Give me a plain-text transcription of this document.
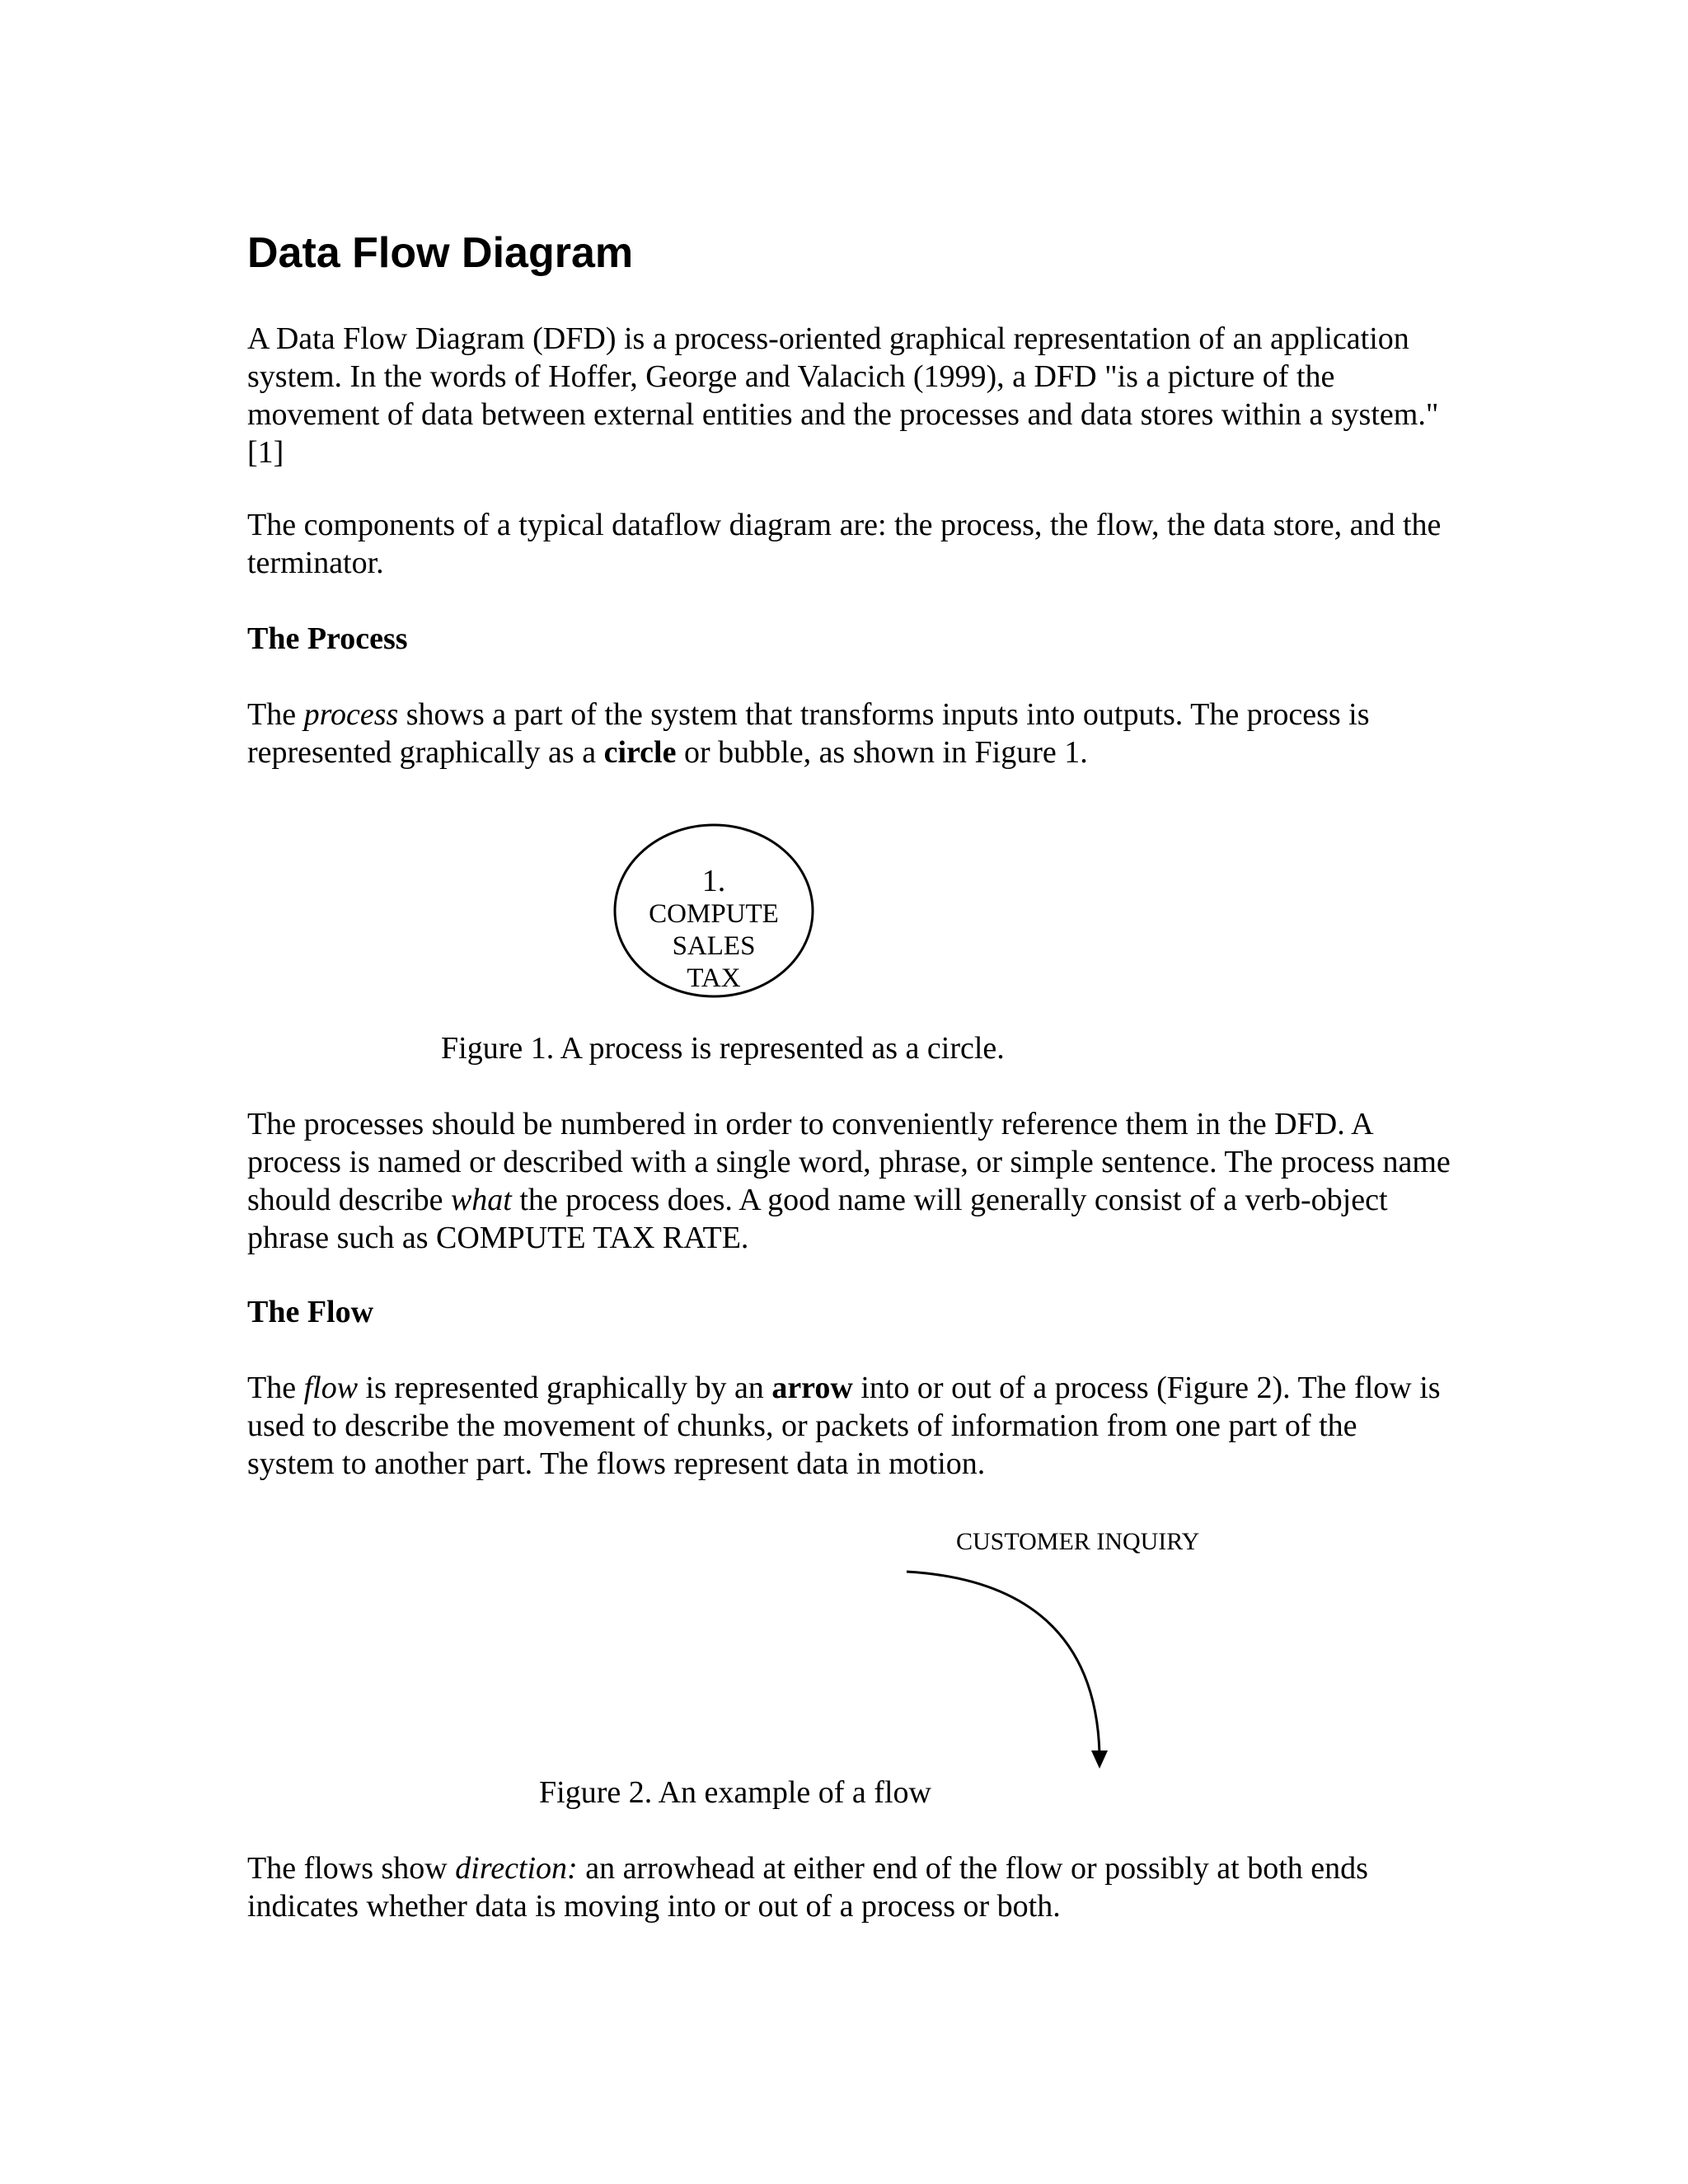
Data Flow Diagram

A Data Flow Diagram (DFD) is a process-oriented graphical representation of an application system. In the words of Hoffer, George and Valacich (1999), a DFD "is a picture of the movement of data between external entities and the processes and data stores within a system." [1]

The components of a typical dataflow diagram are: the process, the flow, the data store, and the terminator.

The Process

The process shows a part of the system that transforms inputs into outputs. The process is represented graphically as a circle or bubble, as shown in Figure 1.

1.
COMPUTE
SALES
TAX

Figure 1. A process is represented as a circle.

The processes should be numbered in order to conveniently reference them in the DFD. A process is named or described with a single word, phrase, or simple sentence. The process name should describe what the process does. A good name will generally consist of a verb-object phrase such as COMPUTE TAX RATE.

The Flow

The flow is represented graphically by an arrow into or out of a process (Figure 2). The flow is used to describe the movement of chunks, or packets of information from one part of the system to another part. The flows represent data in motion.

CUSTOMER INQUIRY

Figure 2. An example of a flow

The flows show direction: an arrowhead at either end of the flow or possibly at both ends indicates whether data is moving into or out of a process or both.
